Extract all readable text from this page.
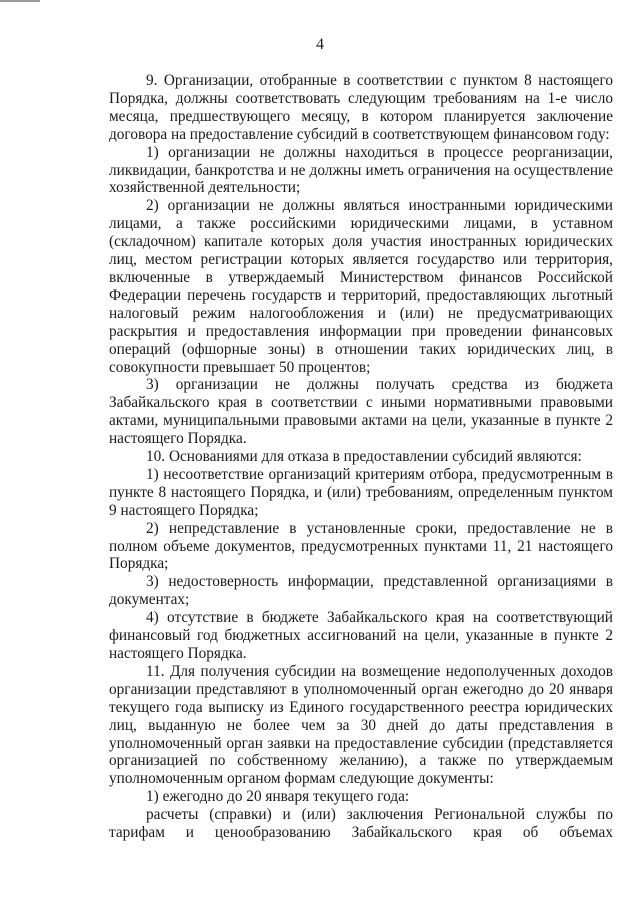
4

9. Организации, отобранные в соответствии с пунктом 8 настоящего Порядка, должны соответствовать следующим требованиям на 1-е число месяца, предшествующего месяцу, в котором планируется заключение договора на предоставление субсидий в соответствующем финансовом году:

1) организации не должны находиться в процессе реорганизации, ликвидации, банкротства и не должны иметь ограничения на осуществление хозяйственной деятельности;

2) организации не должны являться иностранными юридическими лицами, а также российскими юридическими лицами, в уставном (складочном) капитале которых доля участия иностранных юридических лиц, местом регистрации которых является государство или территория, включенные в утверждаемый Министерством финансов Российской Федерации перечень государств и территорий, предоставляющих льготный налоговый режим налогообложения и (или) не предусматривающих раскрытия и предоставления информации при проведении финансовых операций (офшорные зоны) в отношении таких юридических лиц, в совокупности превышает 50 процентов;

3) организации не должны получать средства из бюджета Забайкальского края в соответствии с иными нормативными правовыми актами, муниципальными правовыми актами на цели, указанные в пункте 2 настоящего Порядка.

10. Основаниями для отказа в предоставлении субсидий являются:

1) несоответствие организаций критериям отбора, предусмотренным в пункте 8 настоящего Порядка, и (или) требованиям, определенным пунктом 9 настоящего Порядка;

2) непредставление в установленные сроки, предоставление не в полном объеме документов, предусмотренных пунктами 11, 21 настоящего Порядка;

3) недостоверность информации, представленной организациями в документах;

4) отсутствие в бюджете Забайкальского края на соответствующий финансовый год бюджетных ассигнований на цели, указанные в пункте 2 настоящего Порядка.

11. Для получения субсидии на возмещение недополученных доходов организации представляют в уполномоченный орган ежегодно до 20 января текущего года выписку из Единого государственного реестра юридических лиц, выданную не более чем за 30 дней до даты представления в уполномоченный орган заявки на предоставление субсидии (представляется организацией по собственному желанию), а также по утверждаемым уполномоченным органом формам следующие документы:

1) ежегодно до 20 января текущего года:

расчеты (справки) и (или) заключения Региональной службы по тарифам и ценообразованию Забайкальского края об объемах
